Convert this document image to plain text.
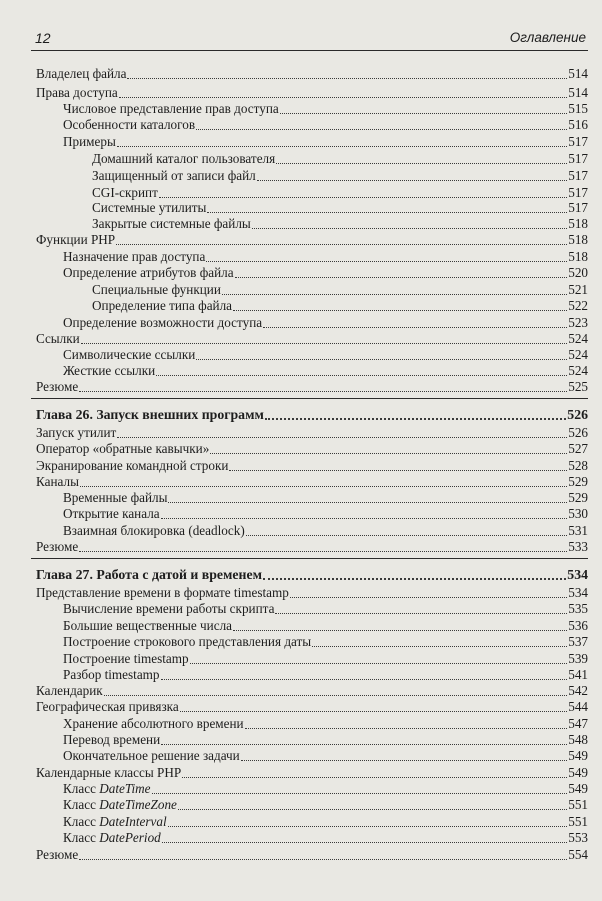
12	Оглавление
Владелец файла	514
Права доступа	514
Числовое представление прав доступа	515
Особенности каталогов	516
Примеры	517
Домашний каталог пользователя	517
Защищенный от записи файл	517
CGI-скрипт	517
Системные утилиты	517
Закрытые системные файлы	518
Функции PHP	518
Назначение прав доступа	518
Определение атрибутов файла	520
Специальные функции	521
Определение типа файла	522
Определение возможности доступа	523
Ссылки	524
Символические ссылки	524
Жесткие ссылки	524
Резюме	525
Глава 26. Запуск внешних программ	526
Запуск утилит	526
Оператор «обратные кавычки»	527
Экранирование командной строки	528
Каналы	529
Временные файлы	529
Открытие канала	530
Взаимная блокировка (deadlock)	531
Резюме	533
Глава 27. Работа с датой и временем	534
Представление времени в формате timestamp	534
Вычисление времени работы скрипта	535
Большие вещественные числа	536
Построение строкового представления даты	537
Построение timestamp	539
Разбор timestamp	541
Календарик	542
Географическая привязка	544
Хранение абсолютного времени	547
Перевод времени	548
Окончательное решение задачи	549
Календарные классы PHP	549
Класс DateTime	549
Класс DateTimeZone	551
Класс DateInterval	551
Класс DatePeriod	553
Резюме	554
